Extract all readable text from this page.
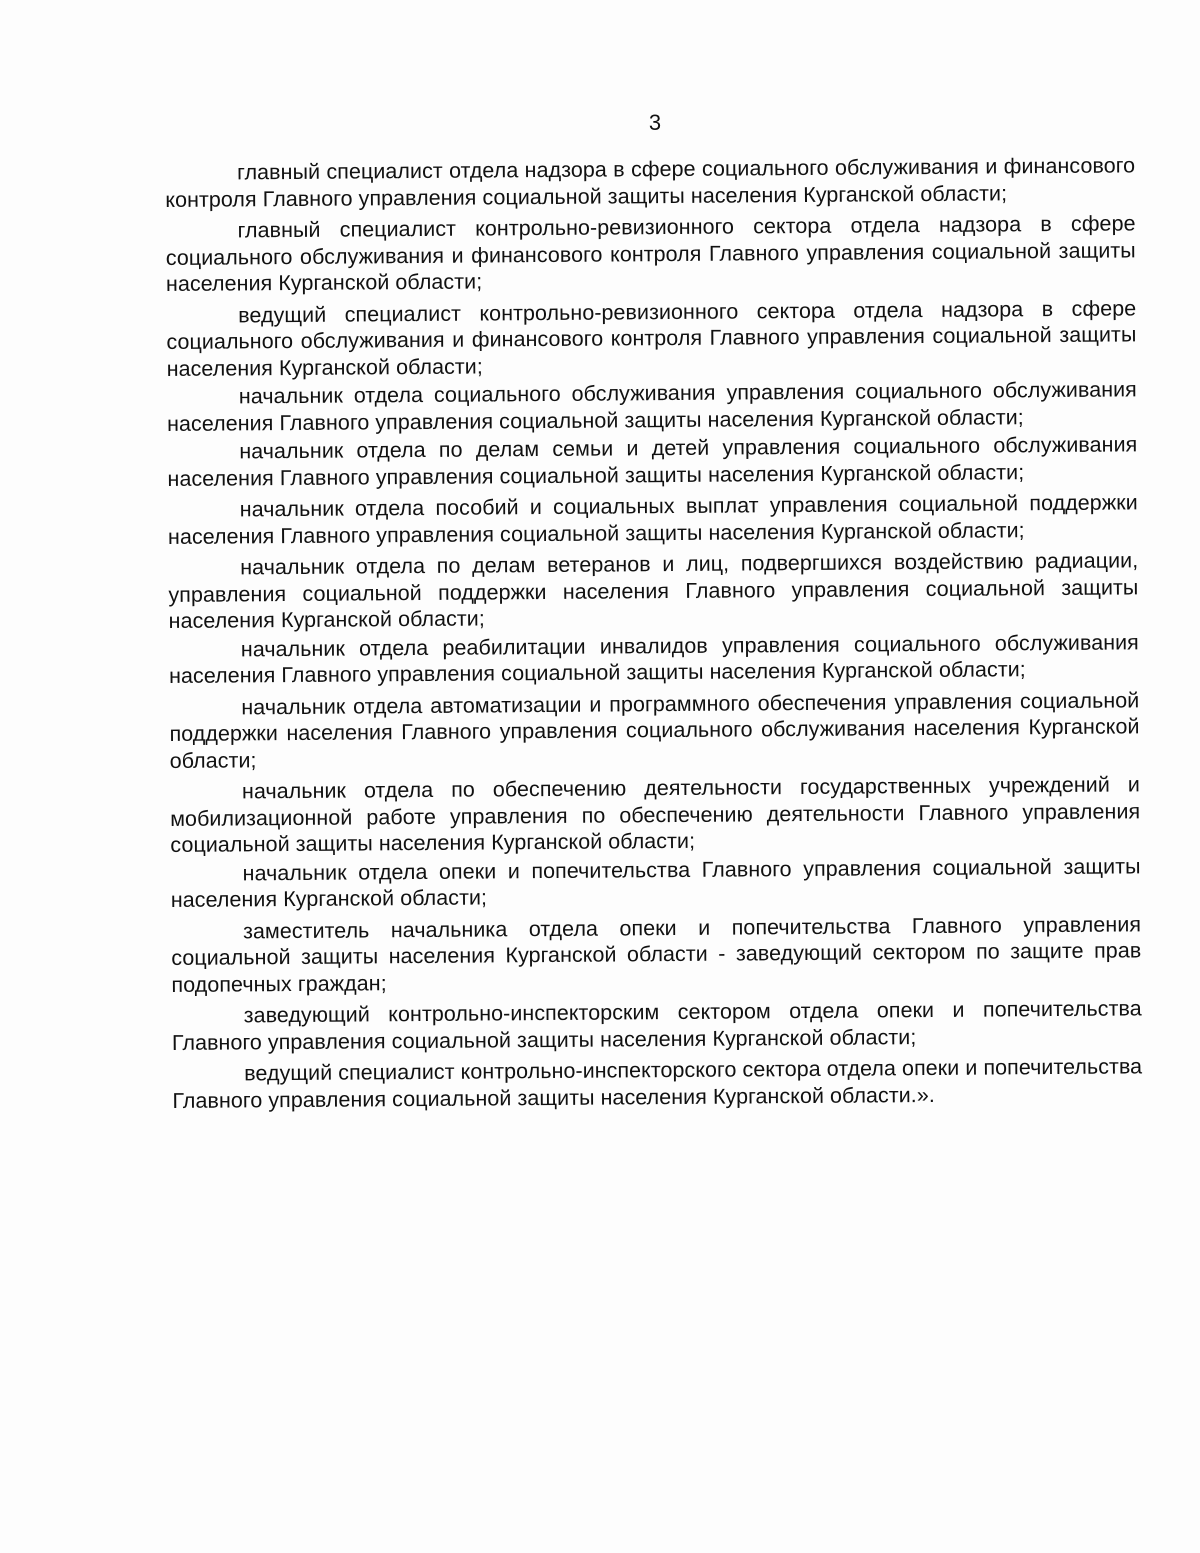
3

главный специалист отдела надзора в сфере социального обслуживания и финансового контроля Главного управления социальной защиты населения Курганской области;

главный специалист контрольно-ревизионного сектора отдела надзора в сфере социального обслуживания и финансового контроля Главного управления социальной защиты населения Курганской области;

ведущий специалист контрольно-ревизионного сектора отдела надзора в сфере социального обслуживания и финансового контроля Главного управления социальной защиты населения Курганской области;

начальник отдела социального обслуживания управления социального обслуживания населения Главного управления социальной защиты населения Курганской области;

начальник отдела по делам семьи и детей управления социального обслуживания населения Главного управления социальной защиты населения Курганской области;

начальник отдела пособий и социальных выплат управления социальной поддержки населения Главного управления социальной защиты населения Курганской области;

начальник отдела по делам ветеранов и лиц, подвергшихся воздействию радиации, управления социальной поддержки населения Главного управления социальной защиты населения Курганской области;

начальник отдела реабилитации инвалидов управления социального обслуживания населения Главного управления социальной защиты населения Курганской области;

начальник отдела автоматизации и программного обеспечения управления социальной поддержки населения Главного управления социального обслуживания населения Курганской области;

начальник отдела по обеспечению деятельности государственных учреждений и мобилизационной работе управления по обеспечению деятельности Главного управления социальной защиты населения Курганской области;

начальник отдела опеки и попечительства Главного управления социальной защиты населения Курганской области;

заместитель начальника отдела опеки и попечительства Главного управления социальной защиты населения Курганской области - заведующий сектором по защите прав подопечных граждан;

заведующий контрольно-инспекторским сектором отдела опеки и попечительства Главного управления социальной защиты населения Курганской области;

ведущий специалист контрольно-инспекторского сектора отдела опеки и попечительства Главного управления социальной защиты населения Курганской области.».
